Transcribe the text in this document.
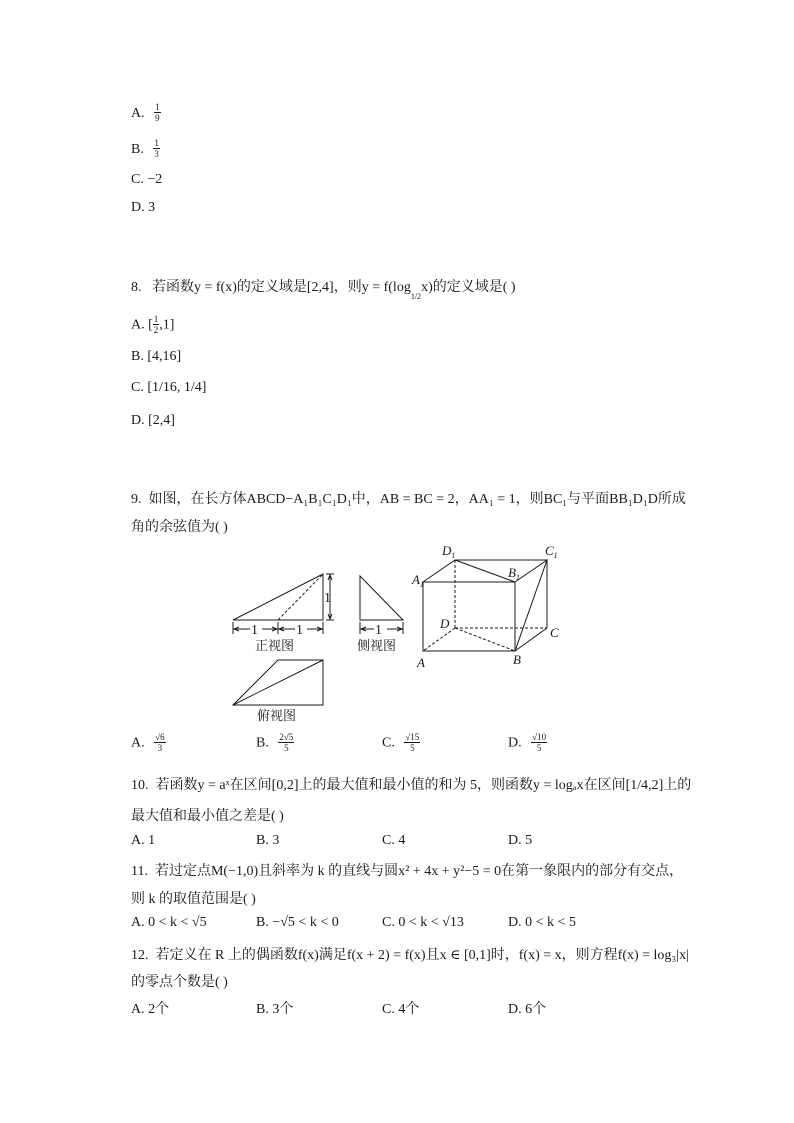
A. $\frac{1}{9}$
B. $\frac{1}{3}$
C. −2
D. 3
8. 若函数y = f(x)的定义域是[2,4]，则$y = f(\log_{1/2}x)$的定义域是( )
A. [ $\frac{1}{2} ,1$]
B. [4,16]
C. [1/16, 1/4]
D. [2,4]
9. 如图，在长方体ABCD−A₁B₁C₁D₁中，AB = BC = 2，AA₁ = 1，则BC₁与平面BB₁D₁D所成
角的余弦值为( )
1	1
1
1
正视图	侧视图
俯视图
$D_1$	$C_1$
$A_1$
$B_1$
D
C
A	B
A. $\frac{√6}{3}$	B. $\frac{2√5}{5}$	C. $\frac{√15}{5}$	D. $\frac{√10}{5}$
10. 若函数y = aˣ在区间[0,2]上的最大值和最小值的和为 5，则函数y = logₐx在区间[1/4,2]上的
最大值和最小值之差是( )
A. 1	B. 3	C. 4	D. 5
11. 若过定点M(−1,0)且斜率为 k 的直线与圆x² + 4x + y²−5 = 0在第一象限内的部分有交点，
则 k 的取值范围是( )
A. 0 < k < √5	B. −√5 < k < 0	C. 0 < k < √13	D. 0 < k < 5
12. 若定义在 R 上的偶函数f(x)满足f(x + 2) = f(x)且x ∈ [0,1]时，f(x) = x，则方程f(x) = log₃|x|
的零点个数是( )
A. 2个	B. 3个	C. 4个	D. 6个
